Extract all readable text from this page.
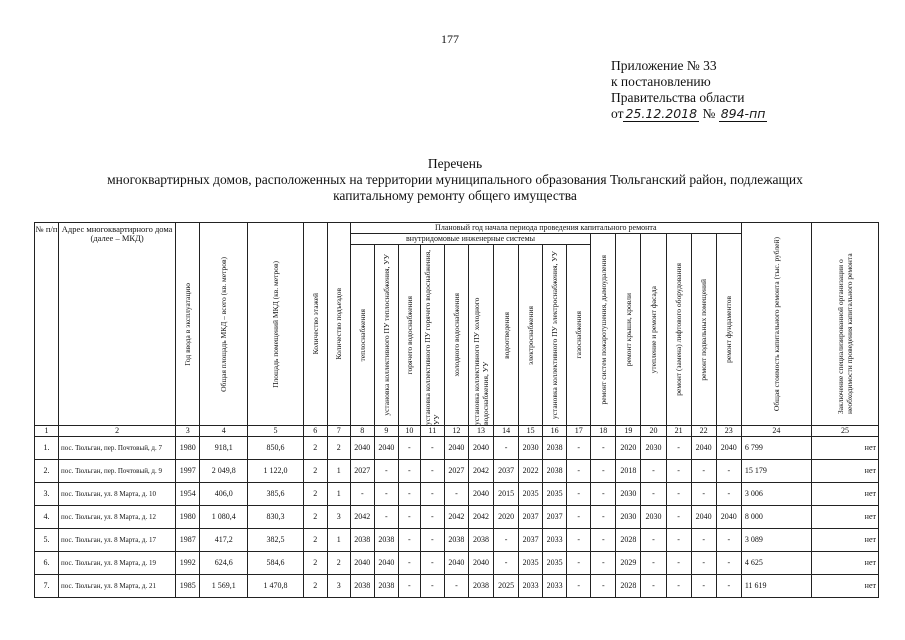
177
Приложение № 33
к постановлению
Правительства области
от 25.12.2018 № 894-пп
Перечень
многоквартирных домов, расположенных на территории муниципального образования Тюльганский район, подлежащих
капитальному ремонту общего имущества
№ п/п	Адрес многоквартирного дома (далее – МКД)	Год ввода в эксплуатацию	Общая площадь МКД – всего (кв. метров)	Площадь помещений МКД (кв. метров)	Количество этажей	Количество подъездов	Плановый год начала периода проведения капитального ремонта																Общая стоимость капитального ремонта (тыс. рублей)	Заключение специализированной организации о необходимости проведения капитального ремонта

							внутридомовые инженерные системы										ремонт систем пожаротушения, дымоудаления	ремонт крыши, кровли	утепление и ремонт фасада	ремонт (замена) лифтового оборудования	ремонт подвальных помещений	ремонт фундаментов		

							теплоснабжения	установка коллективного ПУ теплоснабжения, УУ	горячего водоснабжения	установка коллективного ПУ горячего водоснабжения, УУ	холодного водоснабжения	установка коллективного ПУ холодного водоснабжения, УУ	водоотведения	электроснабжения	установка коллективного ПУ электроснабжения, УУ	газоснабжения								

1	2	3	4	5	6	7	8	9	10	11	12	13	14	15	16	17	18	19	20	21	22	23	24	25
1.	пос. Тюльган, пер. Почтовый, д. 7	1980	918,1	850,6	2	2	2040	2040	-	-	2040	2040	-	2030	2038	-	-	2020	2030	-	2040	2040	6 799	нет
2.	пос. Тюльган, пер. Почтовый, д. 9	1997	2 049,8	1 122,0	2	1	2027	-	-	-	2027	2042	2037	2022	2038	-	-	2018	-	-	-	-	15 179	нет
3.	пос. Тюльган, ул. 8 Марта, д. 10	1954	406,0	385,6	2	1	-	-	-	-	-	2040	2015	2035	2035	-	-	2030	-	-	-	-	3 006	нет
4.	пос. Тюльган, ул. 8 Марта, д. 12	1980	1 080,4	830,3	2	3	2042	-	-	-	2042	2042	2020	2037	2037	-	-	2030	2030	-	2040	2040	8 000	нет
5.	пос. Тюльган, ул. 8 Марта, д. 17	1987	417,2	382,5	2	1	2038	2038	-	-	2038	2038	-	2037	2033	-	-	2028	-	-	-	-	3 089	нет
6.	пос. Тюльган, ул. 8 Марта, д. 19	1992	624,6	584,6	2	2	2040	2040	-	-	2040	2040	-	2035	2035	-	-	2029	-	-	-	-	4 625	нет
7.	пос. Тюльган, ул. 8 Марта, д. 21	1985	1 569,1	1 470,8	2	3	2038	2038	-	-	-	2038	2025	2033	2033	-	-	2028	-	-	-	-	11 619	нет
